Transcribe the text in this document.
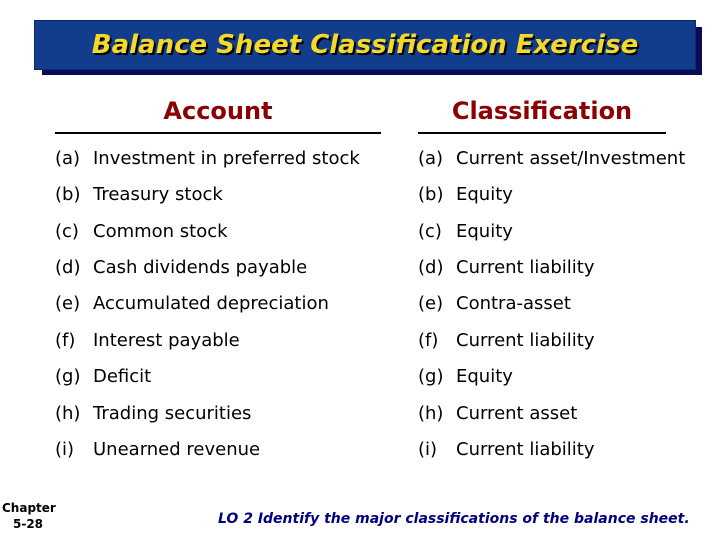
Balance Sheet Classification Exercise
Account	Classification
(a) Investment in preferred stock	(a) Current asset/Investment
(b) Treasury stock	(b) Equity
(c) Common stock	(c) Equity
(d) Cash dividends payable	(d) Current liability
(e) Accumulated depreciation	(e) Contra-asset
(f) Interest payable	(f) Current liability
(g) Deficit	(g) Equity
(h) Trading securities	(h) Current asset
(i) Unearned revenue	(i) Current liability
Chapter
5-28	LO 2 Identify the major classifications of the balance sheet.
